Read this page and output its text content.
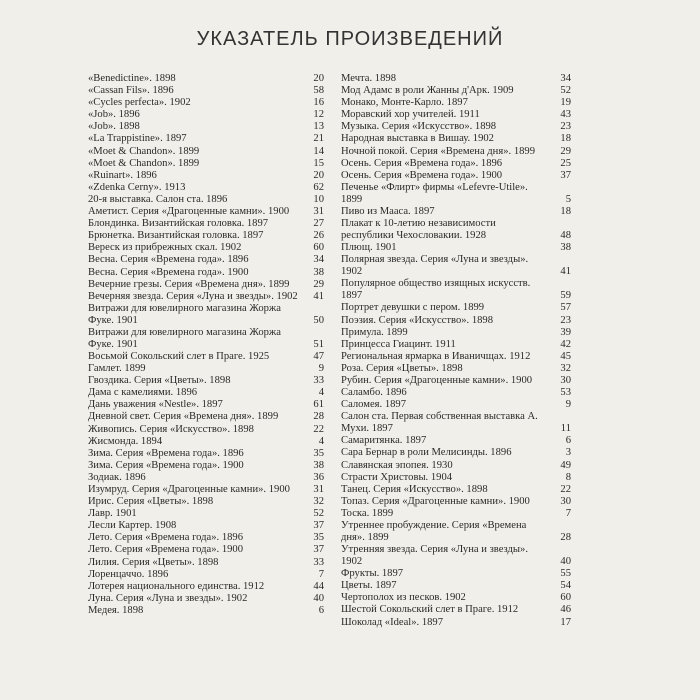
УКАЗАТЕЛЬ ПРОИЗВЕДЕНИЙ
«Benedictine». 1898	20
«Cassan Fils». 1896	58
«Cycles perfecta». 1902	16
«Job». 1896	12
«Job». 1898	13
«La Trappistine». 1897	21
«Moet & Chandon». 1899	14
«Moet & Chandon». 1899	15
«Ruinart». 1896	20
«Zdenka Cerny». 1913	62
20-я выставка. Салон ста. 1896	10
Аметист. Серия «Драгоценные камни». 1900	31
Блондинка. Византийская головка. 1897	27
Брюнетка. Византийская головка. 1897	26
Вереск из прибрежных скал. 1902	60
Весна. Серия «Времена года». 1896	34
Весна. Серия «Времена года». 1900	38
Вечерние грезы. Серия «Времена дня». 1899	29
Вечерняя звезда. Серия «Луна и звезды». 1902	41
Витражи для ювелирного магазина Жоржа Фуке. 1901	50
Витражи для ювелирного магазина Жоржа Фуке. 1901	51
Восьмой Сокольский слет в Праге. 1925	47
Гамлет. 1899	9
Гвоздика. Серия «Цветы». 1898	33
Дама с камелиями. 1896	4
Дань уважения «Nestle». 1897	61
Дневной свет. Серия «Времена дня». 1899	28
Живопись. Серия «Искусство». 1898	22
Жисмонда. 1894	4
Зима. Серия «Времена года». 1896	35
Зима. Серия «Времена года». 1900	38
Зодиак. 1896	36
Изумруд. Серия «Драгоценные камни». 1900	31
Ирис. Серия «Цветы». 1898	32
Лавр. 1901	52
Лесли Картер. 1908	37
Лето. Серия «Времена года». 1896	35
Лето. Серия «Времена года». 1900	37
Лилия. Серия «Цветы». 1898	33
Лоренцаччо. 1896	7
Лотерея национального единства. 1912	44
Луна. Серия «Луна и звезды». 1902	40
Медея. 1898	6
Мечта. 1898	34
Мод Адамс в роли Жанны д'Арк. 1909	52
Монако, Монте-Карло. 1897	19
Моравский хор учителей. 1911	43
Музыка. Серия «Искусство». 1898	23
Народная выставка в Вишау. 1902	18
Ночной покой. Серия «Времена дня». 1899	29
Осень. Серия «Времена года». 1896	25
Осень. Серия «Времена года». 1900	37
Печенье «Флирт» фирмы «Lefevre-Utile». 1899	5
Пиво из Мааса. 1897	18
Плакат к 10-летию независимости республики Чехословакии. 1928	48
Плющ. 1901	38
Полярная звезда. Серия «Луна и звезды». 1902	41
Популярное общество изящных искусств. 1897	59
Портрет девушки с пером. 1899	57
Поэзия. Серия «Искусство». 1898	23
Примула. 1899	39
Принцесса Гиацинт. 1911	42
Региональная ярмарка в Иваничщах. 1912	45
Роза. Серия «Цветы». 1898	32
Рубин. Серия «Драгоценные камни». 1900	30
Саламбо. 1896	53
Саломея. 1897	9
Салон ста. Первая собственная выставка А. Мухи. 1897	11
Самаритянка. 1897	6
Сара Бернар в роли Мелисинды. 1896	3
Славянская эпопея. 1930	49
Страсти Христовы. 1904	8
Танец. Серия «Искусство». 1898	22
Топаз. Серия «Драгоценные камни». 1900	30
Тоска. 1899	7
Утреннее пробуждение. Серия «Времена дня». 1899	28
Утренняя звезда. Серия «Луна и звезды». 1902	40
Фрукты. 1897	55
Цветы. 1897	54
Чертополох из песков. 1902	60
Шестой Сокольский слет в Праге. 1912	46
Шоколад «Ideal». 1897	17
